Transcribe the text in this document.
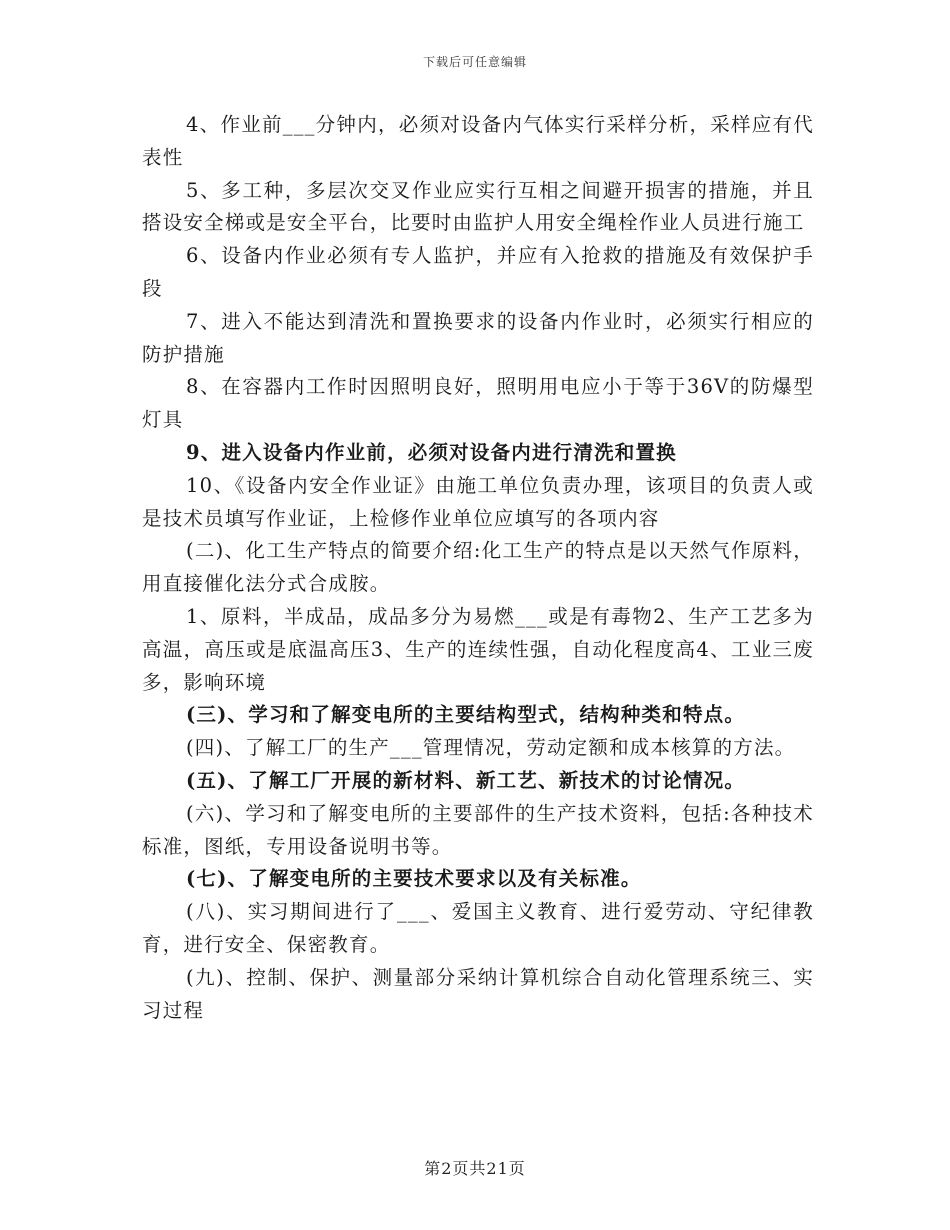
下载后可任意编辑

4、作业前___分钟内，必须对设备内气体实行采样分析，采样应有代表性

5、多工种，多层次交叉作业应实行互相之间避开损害的措施，并且搭设安全梯或是安全平台，比要时由监护人用安全绳栓作业人员进行施工

6、设备内作业必须有专人监护，并应有入抢救的措施及有效保护手段

7、进入不能达到清洗和置换要求的设备内作业时，必须实行相应的防护措施

8、在容器内工作时因照明良好，照明用电应小于等于36V的防爆型灯具

9、进入设备内作业前，必须对设备内进行清洗和置换

10、《设备内安全作业证》由施工单位负责办理，该项目的负责人或是技术员填写作业证，上检修作业单位应填写的各项内容

(二)、化工生产特点的简要介绍:化工生产的特点是以天然气作原料，用直接催化法分式合成胺。

1、原料，半成品，成品多分为易燃___或是有毒物2、生产工艺多为高温，高压或是底温高压3、生产的连续性强，自动化程度高4、工业三废多，影响环境

(三)、学习和了解变电所的主要结构型式，结构种类和特点。

(四)、了解工厂的生产___管理情况，劳动定额和成本核算的方法。

(五)、了解工厂开展的新材料、新工艺、新技术的讨论情况。

(六)、学习和了解变电所的主要部件的生产技术资料，包括:各种技术标准，图纸，专用设备说明书等。

(七)、了解变电所的主要技术要求以及有关标准。

(八)、实习期间进行了___、爱国主义教育、进行爱劳动、守纪律教育，进行安全、保密教育。

(九)、控制、保护、测量部分采纳计算机综合自动化管理系统三、实习过程

第2页共21页
